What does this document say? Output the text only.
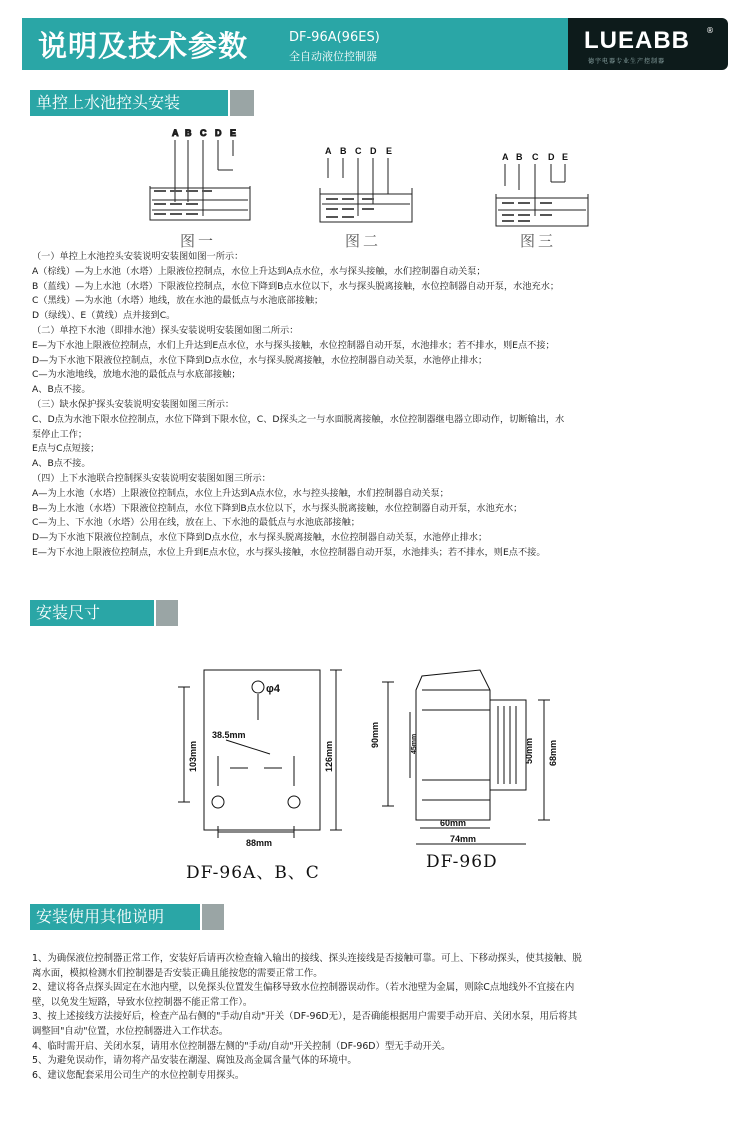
说明及技术参数	DF-96A(96ES)
全自动液位控制器
LUEABB ®
德宇电器专业生产控制器
单控上水池控头安装
A B C D E
A B C D E
A B C D E
图一	图二	图三
（一）单控上水池控头安装说明安装图如图一所示：
A（棕线）—为上水池（水塔）上限液位控制点，水位上升达到A点水位，水与探头接触，水们控制器自动关泵；
B（蓝线）—为上水池（水塔）下限液位控制点，水位下降到B点水位以下，水与探头脱离接触，水位控制器自动开泵，水池充水；
C（黑线）—为水池（水塔）地线，放在水池的最低点与水池底部接触；
D（绿线）、E（黄线）点并接到C。
（二）单控下水池（即排水池）探头安装说明安装图如图二所示：
E—为下水池上限液位控制点，水们上升达到E点水位，水与探头接触，水位控制器自动开泵，水池排水；若不排水，则E点不接；
D—为下水池下限液位控制点，水位下降到D点水位，水与探头脱离接触，水位控制器自动关泵，水池停止排水；
C—为水池地线，放地水池的最低点与水底部接触；
A、B点不接。
（三）缺水保护探头安装说明安装图如图三所示：
C、D点为水池下限水位控制点，水位下降到下限水位，C、D探头之一与水面脱离接触，水位控制器继电器立即动作，切断输出，水
泵停止工作；
E点与C点短接；
A、B点不接。
（四）上下水池联合控制探头安装说明安装图如图三所示：
A—为上水池（水塔）上限液位控制点，水位上升达到A点水位，水与控头接触，水们控制器自动关泵；
B—为上水池（水塔）下限液位控制点，水位下降到B点水位以下，水与探头脱离接触，水位控制器自动开泵，水池充水；
C—为上、下水池（水塔）公用在线，放在上、下水池的最低点与水池底部接触；
D—为下水池下限液位控制点，水位下降到D点水位，水与探头脱离接触，水位控制器自动关泵，水池停止排水；
E—为下水池上限液位控制点，水位上升到E点水位，水与探头接触，水位控制器自动开泵，水池排头；若不排水，则E点不接。
安装尺寸
φ4
38.5mm
88mm
103mm	126mm
90mm	45mm	50mm 68mm
60mm
74mm
DF-96A、B、C
DF-96D
安装使用其他说明
1、为确保液位控制器正常工作，安装好后请再次检查输入输出的接线、探头连接线是否接触可靠。可上、下移动探头，使其接触、脱
离水面，模拟检测水们控制器是否安装正确且能按您的需要正常工作。
2、建议将各点探头固定在水池内壁，以免探头位置发生偏移导致水位控制器误动作。（若水池壁为金属，则除C点地线外不宜接在内
壁，以免发生短路，导致水位控制器不能正常工作）。
3、按上述接线方法接好后，检查产品右侧的"手动/自动"开关（DF-96D无），是否确能根据用户需要手动开启、关闭水泵，用后将其
调整回"自动"位置，水位控制器进入工作状态。
4、临时需开启、关闭水泵，请用水位控制器左侧的"手动/自动"开关控制（DF-96D）型无手动开关。
5、为避免误动作，请勿将产品安装在潮湿、腐蚀及高金属含量气体的环境中。
6、建议您配套采用公司生产的水位控制专用探头。
